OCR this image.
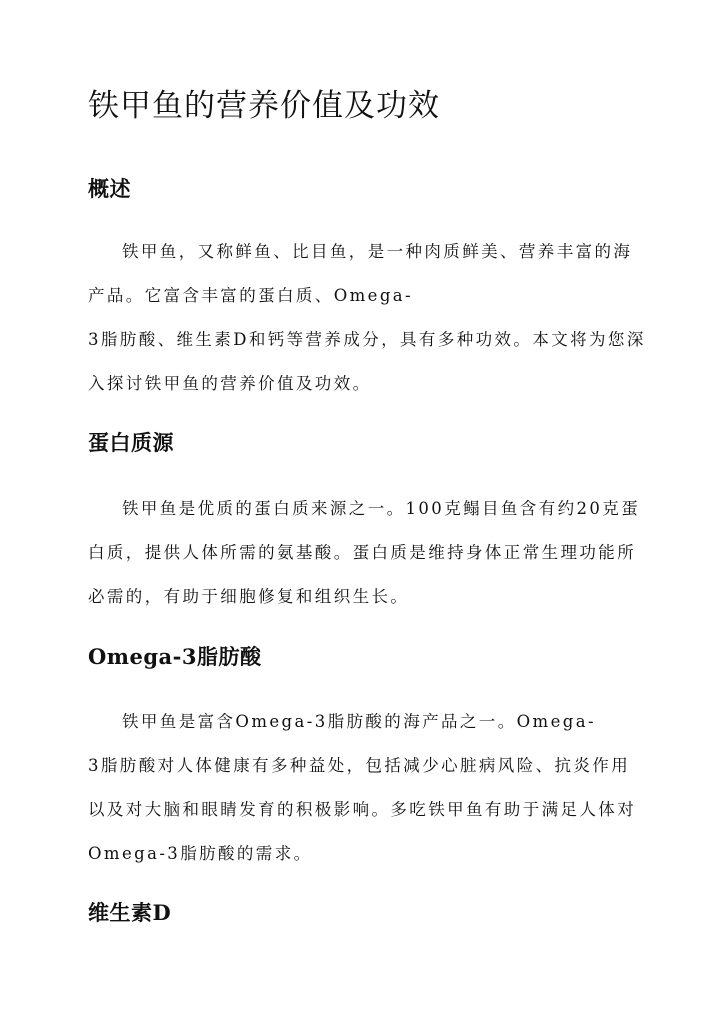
铁甲鱼的营养价值及功效
概述
铁甲鱼，又称鲜鱼、比目鱼，是一种肉质鲜美、营养丰富的海
产品。它富含丰富的蛋白质、Omega-
3脂肪酸、维生素D和钙等营养成分，具有多种功效。本文将为您深
入探讨铁甲鱼的营养价值及功效。
蛋白质源
铁甲鱼是优质的蛋白质来源之一。100克鳎目鱼含有约20克蛋
白质，提供人体所需的氨基酸。蛋白质是维持身体正常生理功能所
必需的，有助于细胞修复和组织生长。
Omega-3脂肪酸
铁甲鱼是富含Omega-3脂肪酸的海产品之一。Omega-
3脂肪酸对人体健康有多种益处，包括减少心脏病风险、抗炎作用
以及对大脑和眼睛发育的积极影响。多吃铁甲鱼有助于满足人体对
Omega-3脂肪酸的需求。
维生素D
